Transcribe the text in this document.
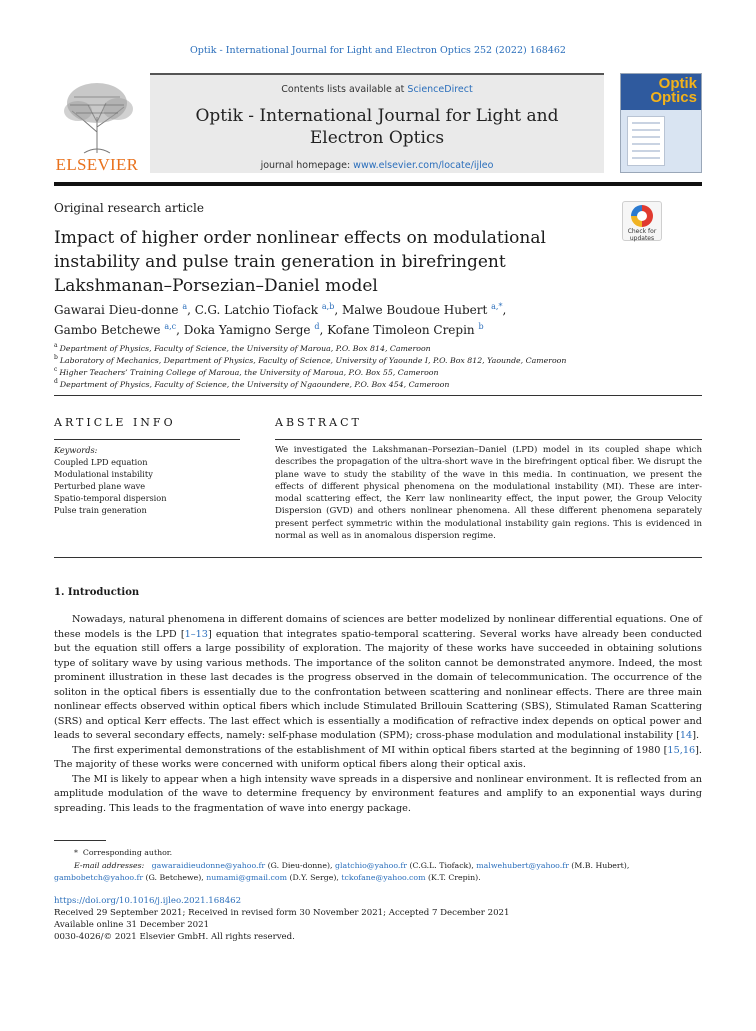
Optik - International Journal for Light and Electron Optics 252 (2022) 168462
ELSEVIER
Contents lists available at ScienceDirect
Optik - International Journal for Light and Electron Optics
journal homepage: www.elsevier.com/locate/ijleo
Optik Optics
Original research article
Check for updates
Impact of higher order nonlinear effects on modulational instability and pulse train generation in birefringent Lakshmanan–Porsezian–Daniel model
Gawarai Dieu-donne $^a$, C.G. Latchio Tiofack $^{a,b}$, Malwe Boudoue Hubert $^{a,*}$,
Gambo Betchewe $^{a,c}$, Doka Yamigno Serge $^d$, Kofane Timoleon Crepin $^b$
$^a$ Department of Physics, Faculty of Science, the University of Maroua, P.O. Box 814, Cameroon
$^b$ Laboratory of Mechanics, Department of Physics, Faculty of Science, University of Yaounde I, P.O. Box 812, Yaounde, Cameroon
$^c$ Higher Teachers’ Training College of Maroua, the University of Maroua, P.O. Box 55, Cameroon
$^d$ Department of Physics, Faculty of Science, the University of Ngaoundere, P.O. Box 454, Cameroon
ARTICLE INFO	ABSTRACT
Keywords:
Coupled LPD equation
Modulational instability
Perturbed plane wave
Spatio-temporal dispersion
Pulse train generation
We investigated the Lakshmanan–Porsezian–Daniel (LPD) model in its coupled shape which describes the propagation of the ultra-short wave in the birefringent optical fiber. We disrupt the plane wave to study the stability of the wave in this media. In continuation, we present the effects of different physical phenomena on the modulational instability (MI). These are inter-modal scattering effect, the Kerr law nonlinearity effect, the input power, the Group Velocity Dispersion (GVD) and others nonlinear phenomena. All these different phenomena separately present perfect symmetric within the modulational instability gain regions. This is evidenced in normal as well as in anomalous dispersion regime.
1. Introduction

Nowadays, natural phenomena in different domains of sciences are better modelized by nonlinear differential equations. One of these models is the LPD [1–13] equation that integrates spatio-temporal scattering. Several works have already been conducted but the equation still offers a large possibility of exploration. The majority of these works have succeeded in obtaining solutions type of solitary wave by using various methods. The importance of the soliton cannot be demonstrated anymore. Indeed, the most prominent illustration in these last decades is the progress observed in the domain of telecommunication. The occurrence of the soliton in the optical fibers is essentially due to the confrontation between scattering and nonlinear effects. There are three main nonlinear effects observed within optical fibers which include Stimulated Brillouin Scattering (SBS), Stimulated Raman Scattering (SRS) and optical Kerr effects. The last effect which is essentially a modification of refractive index depends on optical power and leads to several secondary effects, namely: self-phase modulation (SPM); cross-phase modulation and modulational instability [14].

The first experimental demonstrations of the establishment of MI within optical fibers started at the beginning of 1980 [15,16]. The majority of these works were concerned with uniform optical fibers along their optical axis.

The MI is likely to appear when a high intensity wave spreads in a dispersive and nonlinear environment. It is reflected from an amplitude modulation of the wave to determine frequency by environment features and amplify to an exponential ways during spreading. This leads to the fragmentation of wave into energy package.

* Corresponding author.
E-mail addresses: gawaraidieudonne@yahoo.fr (G. Dieu-donne), glatchio@yahoo.fr (C.G.L. Tiofack), malwehubert@yahoo.fr (M.B. Hubert),
gambobetch@yahoo.fr (G. Betchewe), numami@gmail.com (D.Y. Serge), tckofane@yahoo.com (K.T. Crepin).
https://doi.org/10.1016/j.ijleo.2021.168462
Received 29 September 2021; Received in revised form 30 November 2021; Accepted 7 December 2021
Available online 31 December 2021
0030-4026/© 2021 Elsevier GmbH. All rights reserved.
